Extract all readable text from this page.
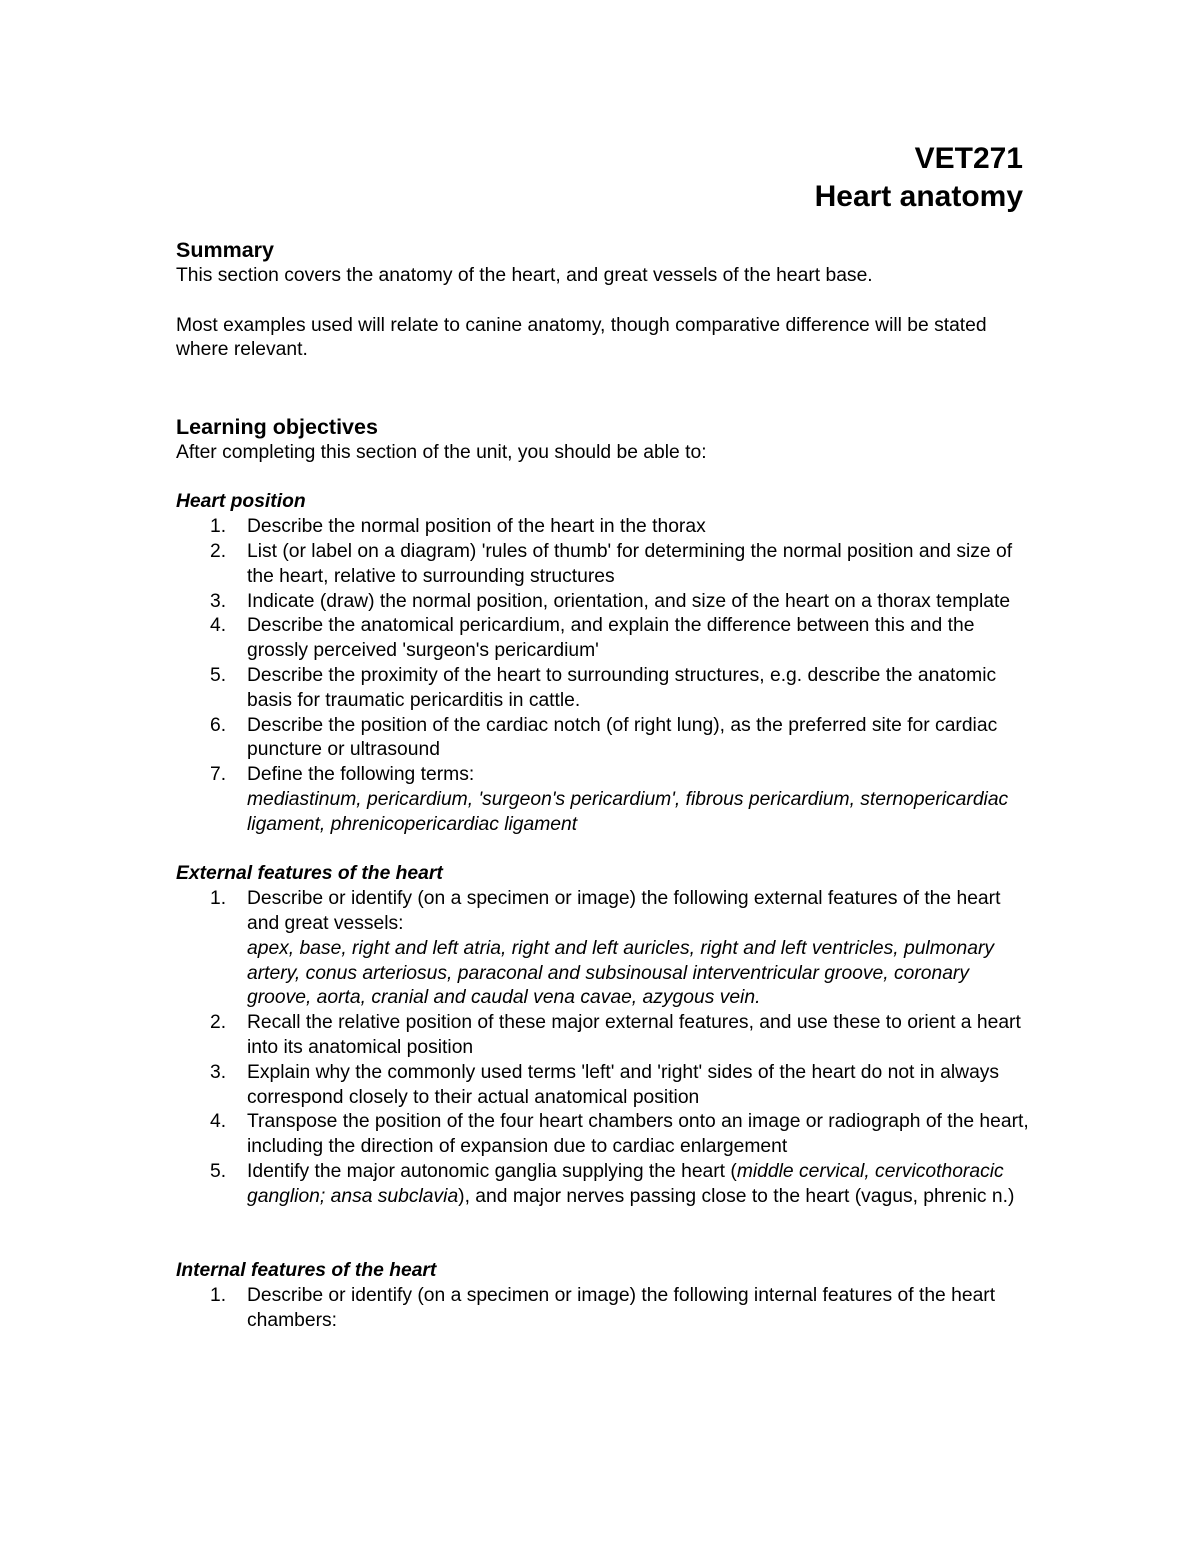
VET271
Heart anatomy
Summary

This section covers the anatomy of the heart, and great vessels of the heart base.

Most examples used will relate to canine anatomy, though comparative difference will be stated where relevant.

Learning objectives

After completing this section of the unit, you should be able to:

Heart position
1. Describe the normal position of the heart in the thorax
2. List (or label on a diagram) 'rules of thumb' for determining the normal position and size of the heart, relative to surrounding structures
3. Indicate (draw) the normal position, orientation, and size of the heart on a thorax template
4. Describe the anatomical pericardium, and explain the difference between this and the grossly perceived 'surgeon's pericardium'
5. Describe the proximity of the heart to surrounding structures, e.g. describe the anatomic basis for traumatic pericarditis in cattle.
6. Describe the position of the cardiac notch (of right lung), as the preferred site for cardiac puncture or ultrasound
7. Define the following terms:
mediastinum, pericardium, 'surgeon's pericardium', fibrous pericardium, sternopericardiac ligament, phrenicopericardiac ligament
External features of the heart
1. Describe or identify (on a specimen or image) the following external features of the heart and great vessels:
apex, base, right and left atria, right and left auricles, right and left ventricles, pulmonary artery, conus arteriosus, paraconal and subsinousal interventricular groove, coronary groove, aorta, cranial and caudal vena cavae, azygous vein.
2. Recall the relative position of these major external features, and use these to orient a heart into its anatomical position
3. Explain why the commonly used terms 'left' and 'right' sides of the heart do not in always correspond closely to their actual anatomical position
4. Transpose the position of the four heart chambers onto an image or radiograph of the heart, including the direction of expansion due to cardiac enlargement
5. Identify the major autonomic ganglia supplying the heart (middle cervical, cervicothoracic ganglion; ansa subclavia), and major nerves passing close to the heart (vagus, phrenic n.)
Internal features of the heart
1. Describe or identify (on a specimen or image) the following internal features of the heart chambers:
